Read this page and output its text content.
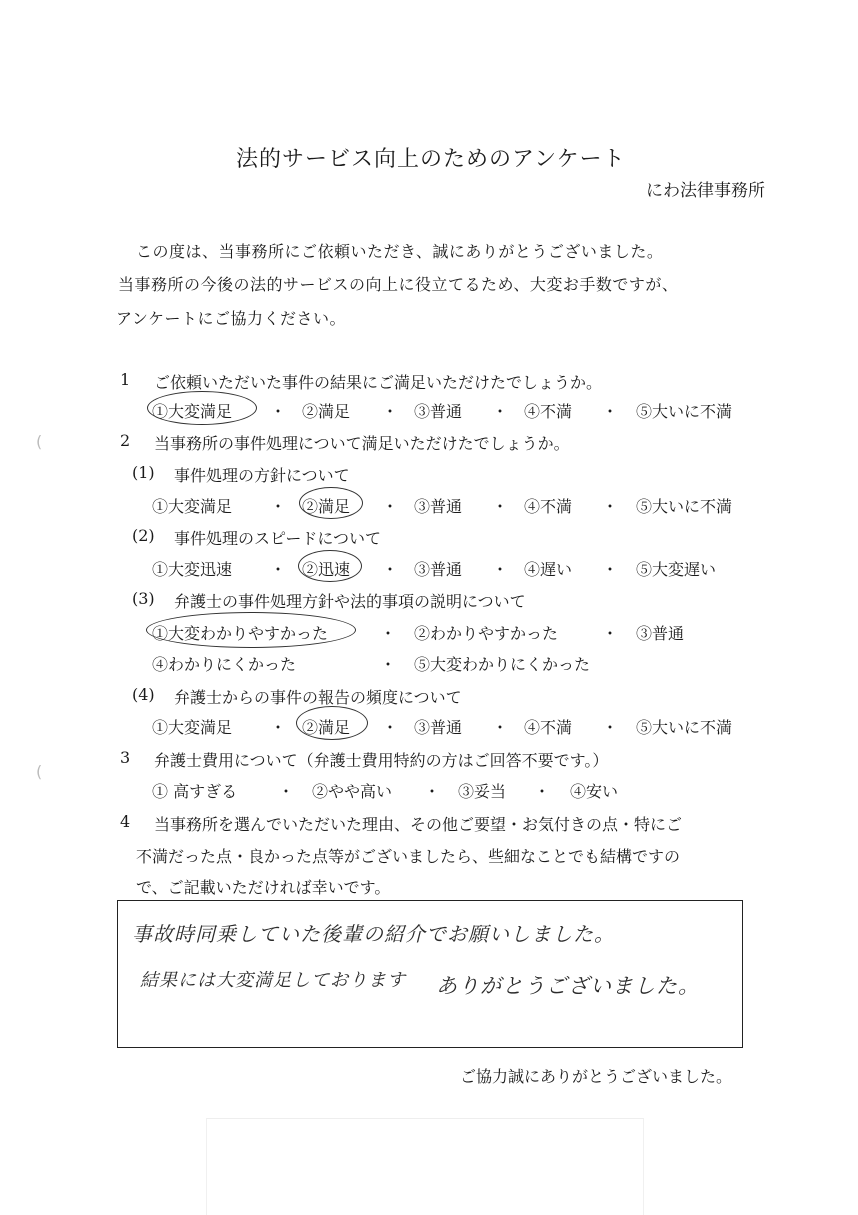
法的サービス向上のためのアンケート
にわ法律事務所
この度は、当事務所にご依頼いただき、誠にありがとうございました。
当事務所の今後の法的サービスの向上に役立てるため、大変お手数ですが、
アンケートにご協力ください。
1 ご依頼いただいた事件の結果にご満足いただけたでしょうか。
①大変満足 ・ ②満足 ・ ③普通 ・ ④不満 ・ ⑤大いに不満
2 当事務所の事件処理について満足いただけたでしょうか。
(1) 事件処理の方針について
①大変満足 ・ ②満足 ・ ③普通 ・ ④不満 ・ ⑤大いに不満
(2) 事件処理のスピードについて
①大変迅速 ・ ②迅速 ・ ③普通 ・ ④遅い ・ ⑤大変遅い
(3) 弁護士の事件処理方針や法的事項の説明について
①大変わかりやすかった	・ ②わかりやすかった	・ ③普通
④わかりにくかった	・ ⑤大変わかりにくかった
(4) 弁護士からの事件の報告の頻度について
①大変満足 ・ ②満足 ・ ③普通 ・ ④不満 ・ ⑤大いに不満
3 弁護士費用について（弁護士費用特約の方はご回答不要です。）
① 高すぎる	・ ②やや高い ・ ③妥当 ・ ④安い
4 当事務所を選んでいただいた理由、その他ご要望・お気付きの点・特にご
不満だった点・良かった点等がございましたら、些細なことでも結構ですの
で、ご記載いただければ幸いです。
事故時同乗していた後輩の紹介でお願いしました。
結果には大変満足しております ありがとうございました。
ご協力誠にありがとうございました。
(
(
